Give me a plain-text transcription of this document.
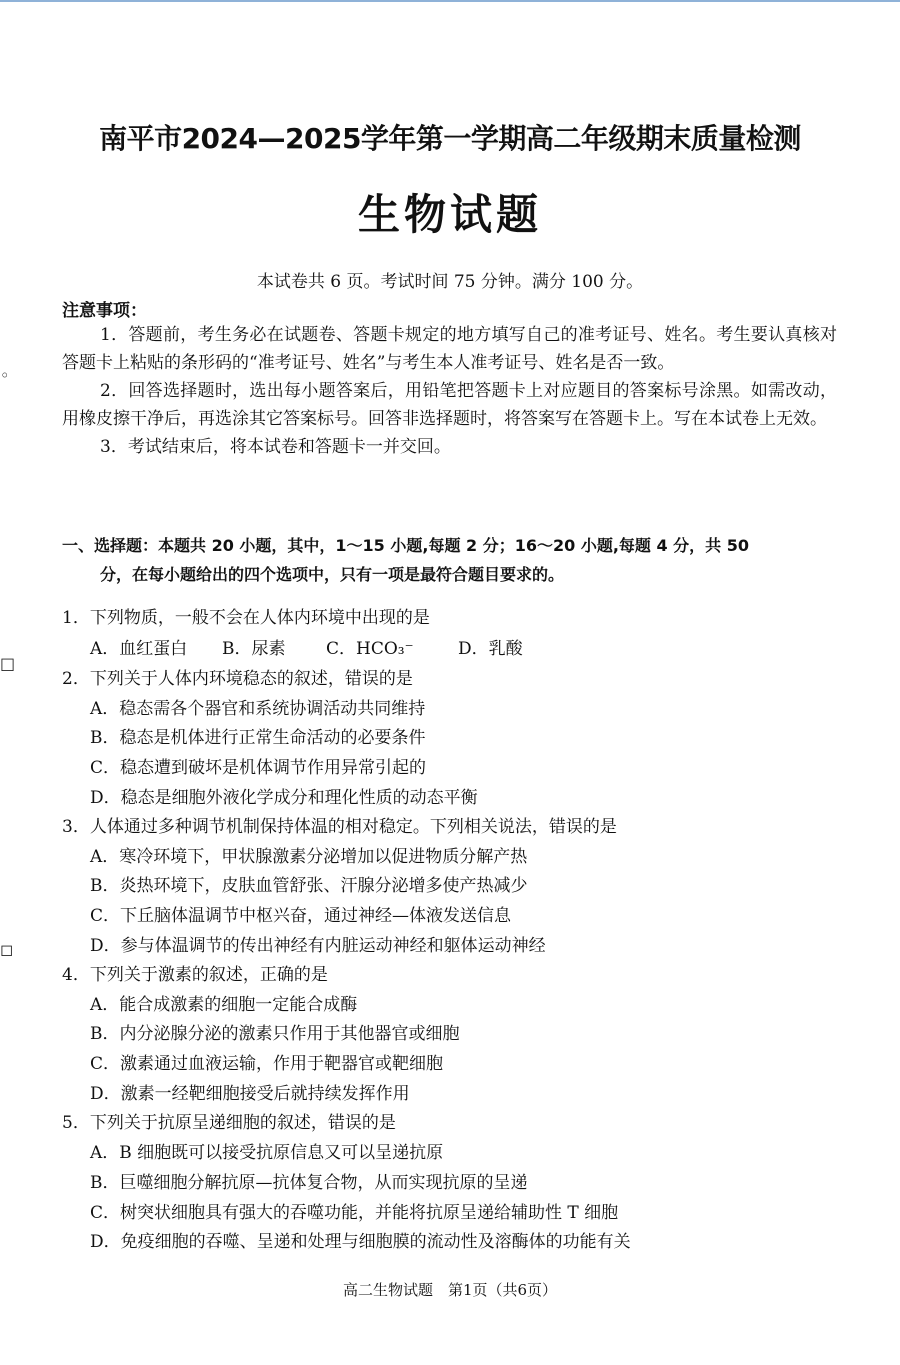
◦
□
◻
南平市2024—2025学年第一学期高二年级期末质量检测
生物试题
本试卷共 6 页。考试时间 75 分钟。满分 100 分。
注意事项：

1．答题前，考生务必在试题卷、答题卡规定的地方填写自己的准考证号、姓名。考生要认真核对答题卡上粘贴的条形码的“准考证号、姓名”与考生本人准考证号、姓名是否一致。

2．回答选择题时，选出每小题答案后，用铅笔把答题卡上对应题目的答案标号涂黑。如需改动，用橡皮擦干净后，再选涂其它答案标号。回答非选择题时，将答案写在答题卡上。写在本试卷上无效。

3．考试结束后，将本试卷和答题卡一并交回。

一、选择题：本题共 20 小题，其中，1～15 小题,每题 2 分；16～20 小题,每题 4 分，共 50
分，在每小题给出的四个选项中，只有一项是最符合题目要求的。
1．下列物质，一般不会在人体内环境中出现的是
A．血红蛋白 B．尿素 C．HCO₃⁻	D．乳酸
2．下列关于人体内环境稳态的叙述，错误的是
A．稳态需各个器官和系统协调活动共同维持
B．稳态是机体进行正常生命活动的必要条件
C．稳态遭到破坏是机体调节作用异常引起的
D．稳态是细胞外液化学成分和理化性质的动态平衡
3．人体通过多种调节机制保持体温的相对稳定。下列相关说法，错误的是
A．寒冷环境下，甲状腺激素分泌增加以促进物质分解产热
B．炎热环境下，皮肤血管舒张、汗腺分泌增多使产热减少
C．下丘脑体温调节中枢兴奋，通过神经—体液发送信息
D．参与体温调节的传出神经有内脏运动神经和躯体运动神经
4．下列关于激素的叙述，正确的是
A．能合成激素的细胞一定能合成酶
B．内分泌腺分泌的激素只作用于其他器官或细胞
C．激素通过血液运输，作用于靶器官或靶细胞
D．激素一经靶细胞接受后就持续发挥作用
5．下列关于抗原呈递细胞的叙述，错误的是
A．B 细胞既可以接受抗原信息又可以呈递抗原
B．巨噬细胞分解抗原—抗体复合物，从而实现抗原的呈递
C．树突状细胞具有强大的吞噬功能，并能将抗原呈递给辅助性 T 细胞
D．免疫细胞的吞噬、呈递和处理与细胞膜的流动性及溶酶体的功能有关
高二生物试题　第1页（共6页）
